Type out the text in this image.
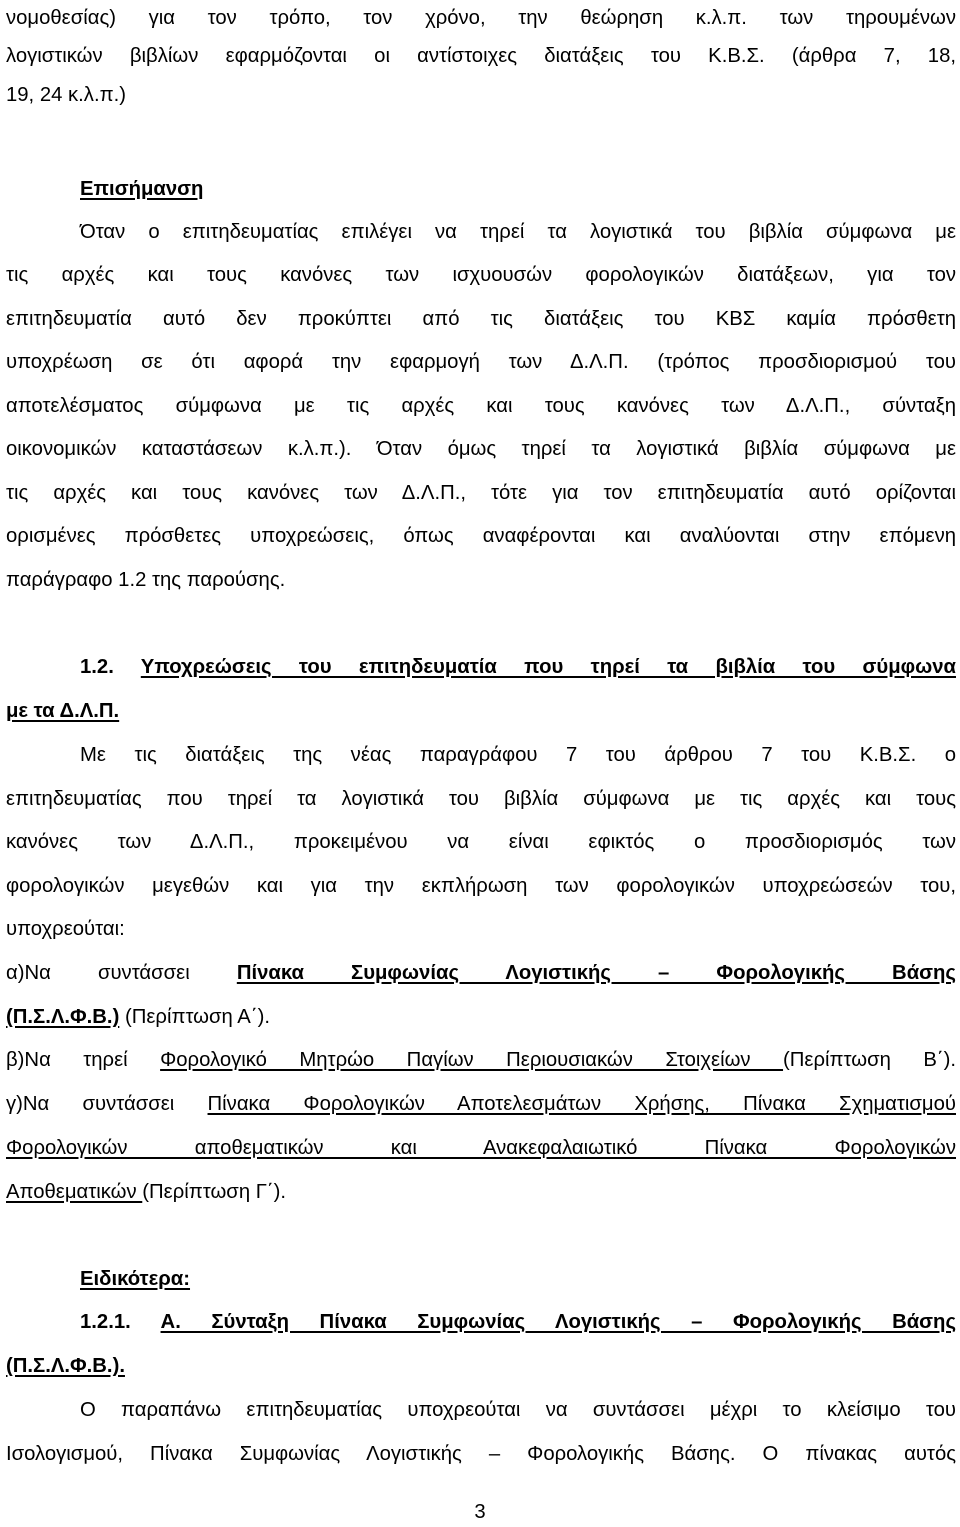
νομοθεσίας) για τον τρόπο, τον χρόνο, την θεώρηση κ.λ.π. των τηρουμένων
λογιστικών βιβλίων εφαρμόζονται οι αντίστοιχες διατάξεις του Κ.Β.Σ. (άρθρα 7, 18,
19, 24 κ.λ.π.)
Επισήμανση
Όταν ο επιτηδευματίας επιλέγει να τηρεί τα λογιστικά του βιβλία σύμφωνα με
τις αρχές και τους κανόνες των ισχυουσών φορολογικών διατάξεων, για τον
επιτηδευματία αυτό δεν προκύπτει από τις διατάξεις του ΚΒΣ καμία πρόσθετη
υποχρέωση σε ότι αφορά την εφαρμογή των Δ.Λ.Π. (τρόπος προσδιορισμού του
αποτελέσματος σύμφωνα με τις αρχές και τους κανόνες των Δ.Λ.Π., σύνταξη
οικονομικών καταστάσεων κ.λ.π.). Όταν όμως τηρεί τα λογιστικά βιβλία σύμφωνα με
τις αρχές και τους κανόνες των Δ.Λ.Π., τότε για τον επιτηδευματία αυτό ορίζονται
ορισμένες πρόσθετες υποχρεώσεις, όπως αναφέρονται και αναλύονται στην επόμενη
παράγραφο 1.2 της παρούσης.
1.2. Υποχρεώσεις του επιτηδευματία που τηρεί τα βιβλία του σύμφωνα
με τα Δ.Λ.Π.
Με τις διατάξεις της νέας παραγράφου 7 του άρθρου 7 του Κ.Β.Σ. ο
επιτηδευματίας που τηρεί τα λογιστικά του βιβλία σύμφωνα με τις αρχές και τους
κανόνες των Δ.Λ.Π., προκειμένου να είναι εφικτός ο προσδιορισμός των
φορολογικών μεγεθών και για την εκπλήρωση των φορολογικών υποχρεώσεών του,
υποχρεούται:
α)Να συντάσσει Πίνακα Συμφωνίας Λογιστικής – Φορολογικής Βάσης
(Π.Σ.Λ.Φ.Β.) (Περίπτωση Α΄).
β)Να τηρεί Φορολογικό Μητρώο Παγίων Περιουσιακών Στοιχείων (Περίπτωση Β΄).
γ)Να συντάσσει Πίνακα Φορολογικών Αποτελεσμάτων Χρήσης, Πίνακα Σχηματισμού
Φορολογικών αποθεματικών και Ανακεφαλαιωτικό Πίνακα Φορολογικών
Αποθεματικών (Περίπτωση Γ΄).
Ειδικότερα:
1.2.1. Α. Σύνταξη Πίνακα Συμφωνίας Λογιστικής – Φορολογικής Βάσης
(Π.Σ.Λ.Φ.Β.).
Ο παραπάνω επιτηδευματίας υποχρεούται να συντάσσει μέχρι το κλείσιμο του
Ισολογισμού, Πίνακα Συμφωνίας Λογιστικής – Φορολογικής Βάσης. Ο πίνακας αυτός
3
